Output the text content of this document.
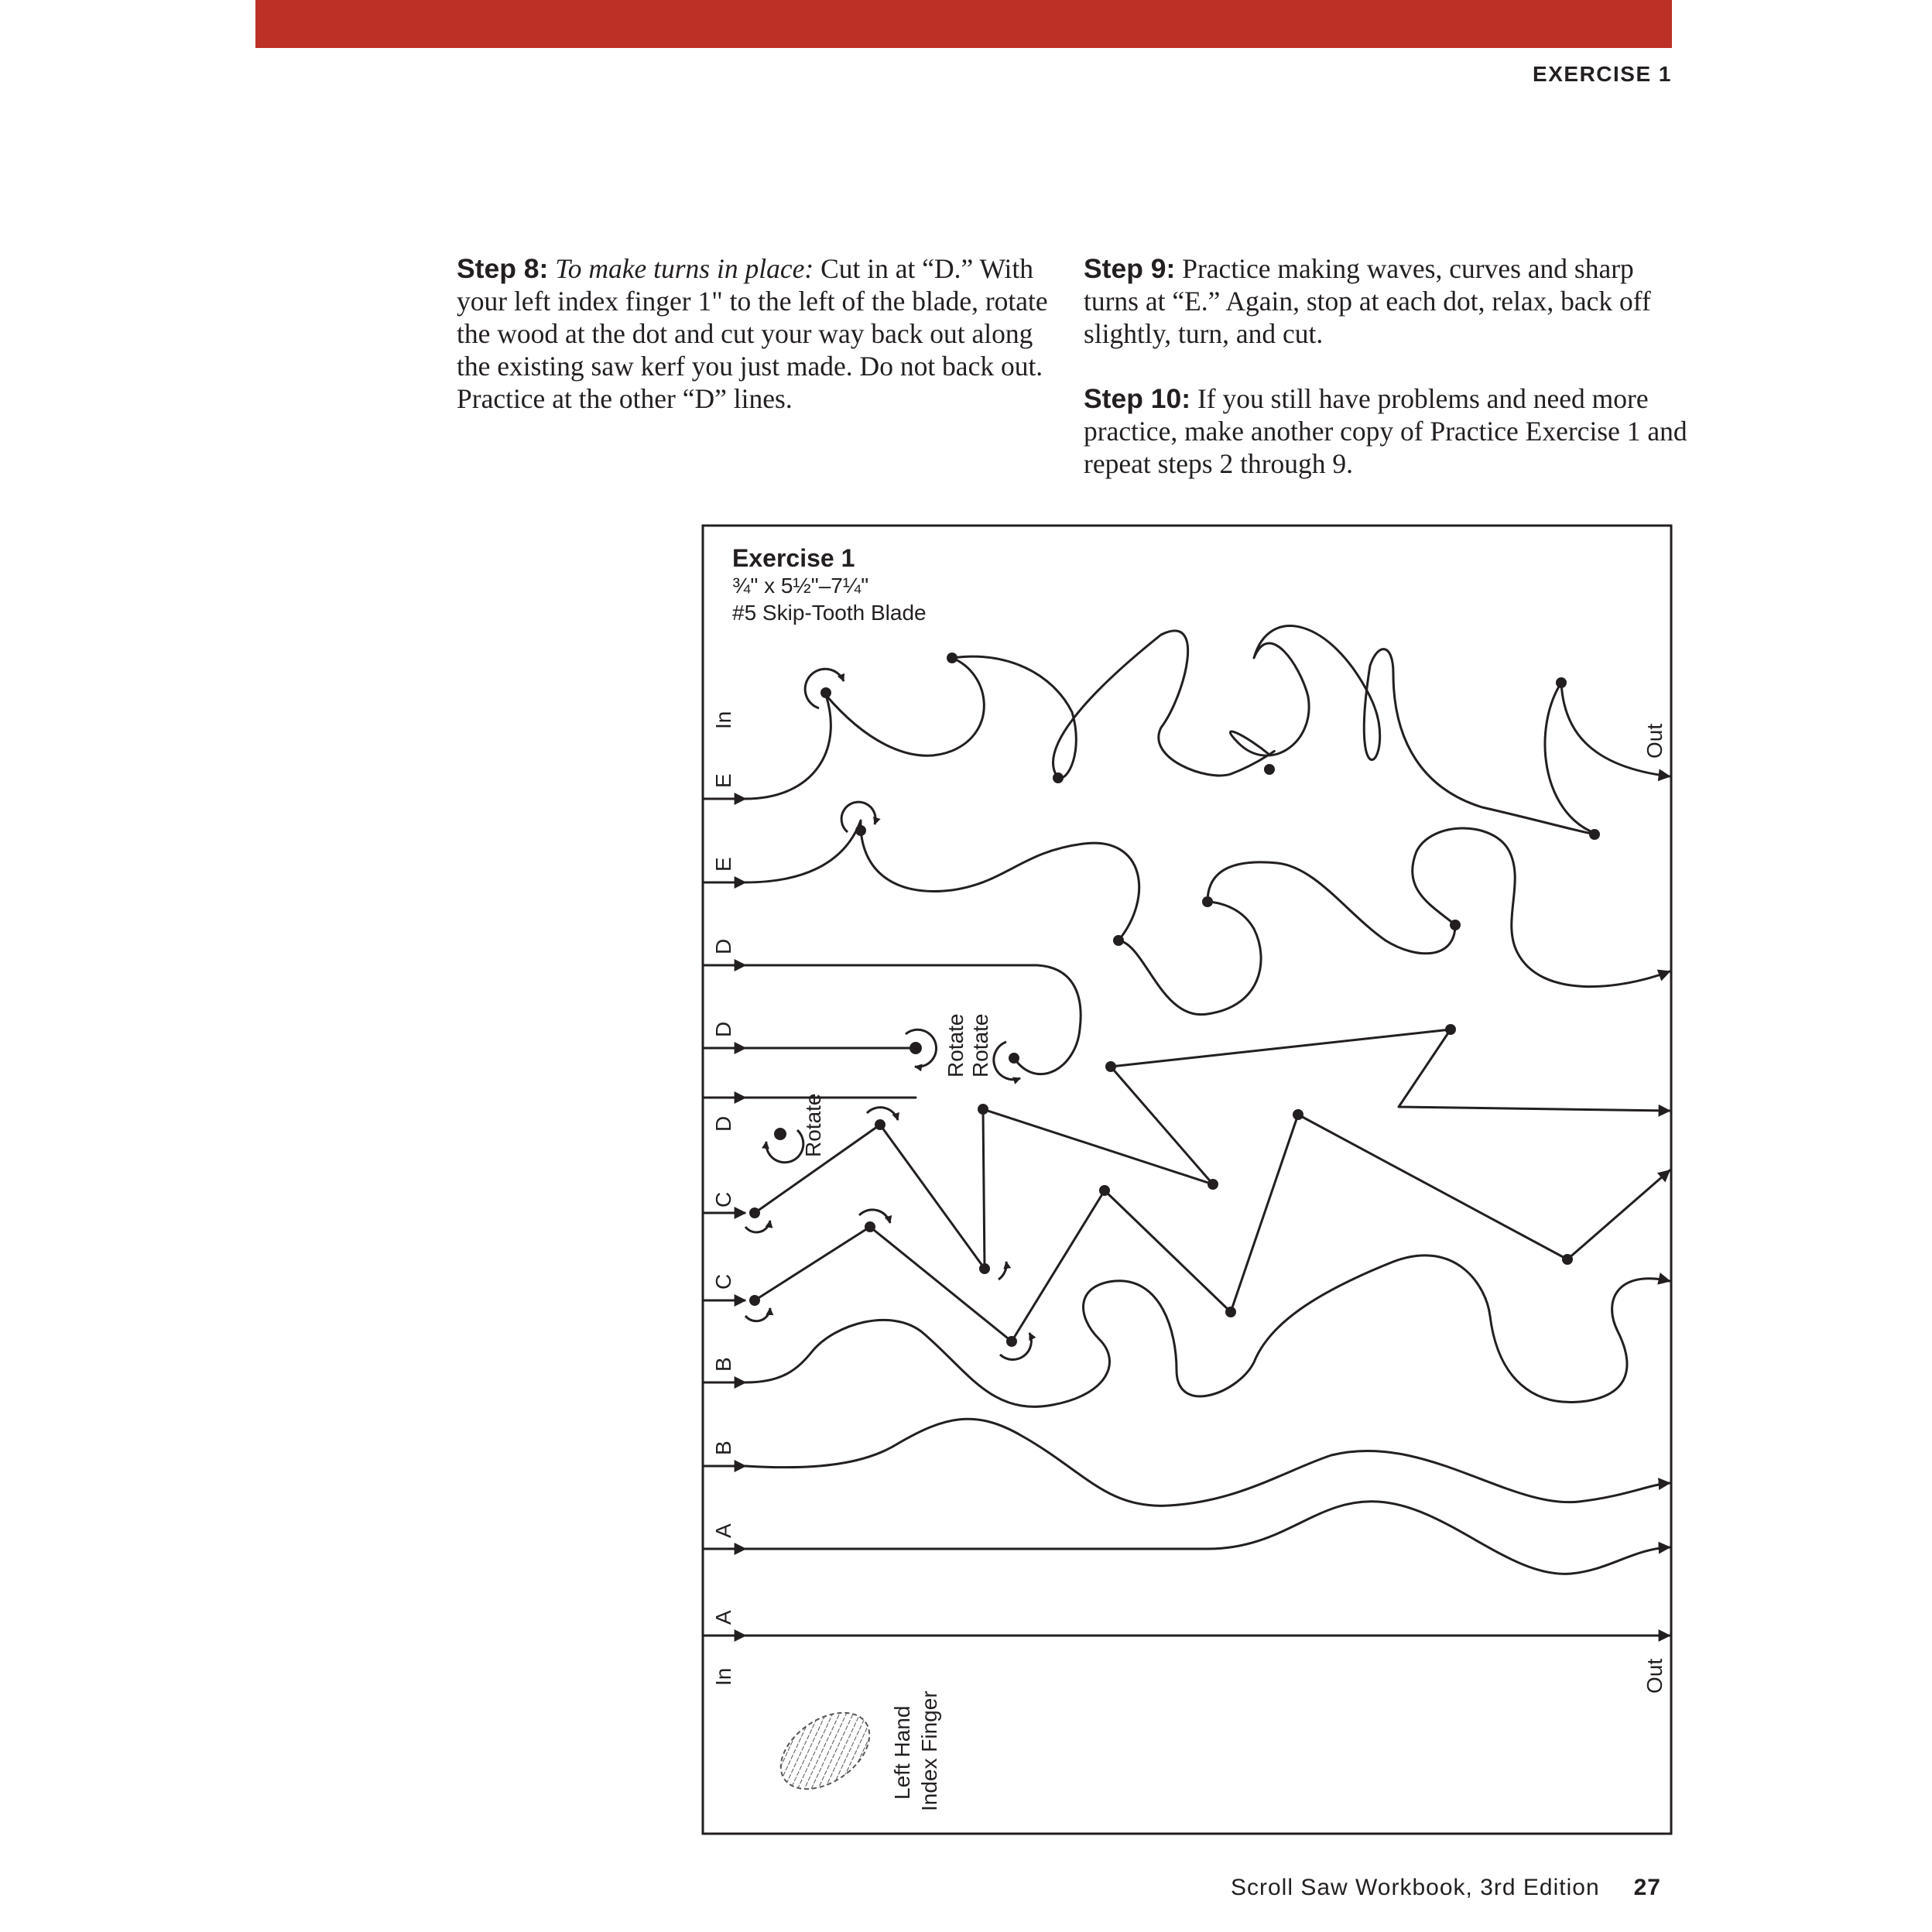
EXERCISE 1

Step 8: To make turns in place: Cut in at “D.” With your left index finger 1" to the left of the blade, rotate the wood at the dot and cut your way back out along the existing saw kerf you just made. Do not back out. Practice at the other “D” lines.

Step 9: Practice making waves, curves and sharp turns at “E.” Again, stop at each dot, relax, back off slightly, turn, and cut.

Step 10: If you still have problems and need more practice, make another copy of Practice Exercise 1 and repeat steps 2 through 9.

Exercise 1
¾" x 5½"–7¼"
#5 Skip-Tooth Blade
E
E
D
D
D
C
C
B
B
A
A
In
In
Out
Out
Rotate Rotate
Rotate
Left Hand Index Finger
Scroll Saw Workbook, 3rd Edition 27
